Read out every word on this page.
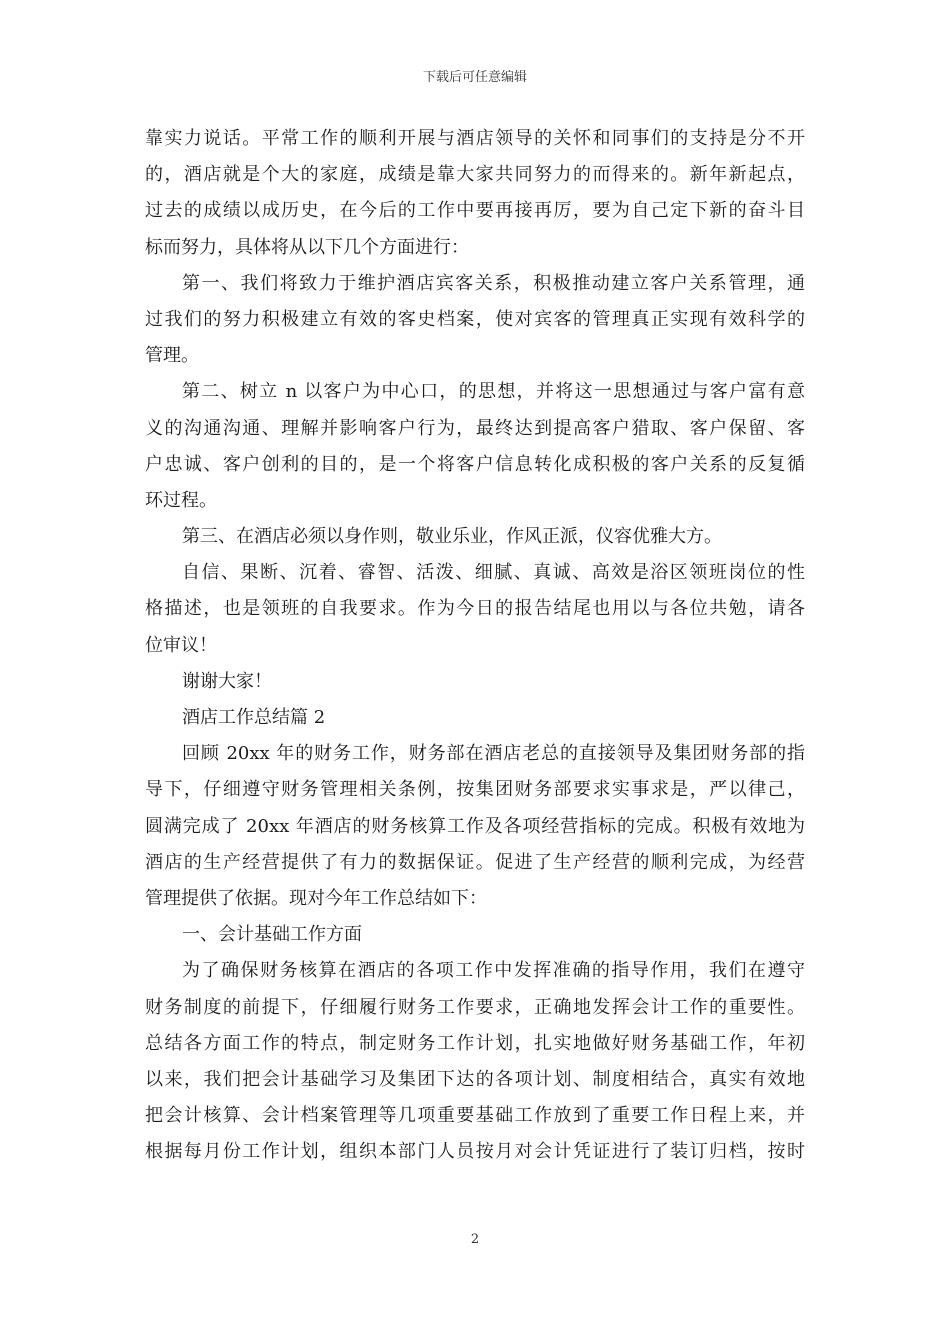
下载后可任意编辑
靠实力说话。平常工作的顺利开展与酒店领导的关怀和同事们的支持是分不开
的，酒店就是个大的家庭，成绩是靠大家共同努力的而得来的。新年新起点，
过去的成绩以成历史，在今后的工作中要再接再厉，要为自己定下新的奋斗目
标而努力，具体将从以下几个方面进行：
第一、我们将致力于维护酒店宾客关系，积极推动建立客户关系管理，通
过我们的努力积极建立有效的客史档案，使对宾客的管理真正实现有效科学的
管理。
第二、树立 n 以客户为中心口，的思想，并将这一思想通过与客户富有意
义的沟通沟通、理解并影响客户行为，最终达到提高客户猎取、客户保留、客
户忠诚、客户创利的目的，是一个将客户信息转化成积极的客户关系的反复循
环过程。
第三、在酒店必须以身作则，敬业乐业，作风正派，仪容优雅大方。
自信、果断、沉着、睿智、活泼、细腻、真诚、高效是浴区领班岗位的性
格描述，也是领班的自我要求。作为今日的报告结尾也用以与各位共勉，请各
位审议！
谢谢大家！
酒店工作总结篇 2
回顾 20xx 年的财务工作，财务部在酒店老总的直接领导及集团财务部的指
导下，仔细遵守财务管理相关条例，按集团财务部要求实事求是，严以律己，
圆满完成了 20xx 年酒店的财务核算工作及各项经营指标的完成。积极有效地为
酒店的生产经营提供了有力的数据保证。促进了生产经营的顺利完成，为经营
管理提供了依据。现对今年工作总结如下：
一、会计基础工作方面
为了确保财务核算在酒店的各项工作中发挥准确的指导作用，我们在遵守
财务制度的前提下，仔细履行财务工作要求，正确地发挥会计工作的重要性。
总结各方面工作的特点，制定财务工作计划，扎实地做好财务基础工作，年初
以来，我们把会计基础学习及集团下达的各项计划、制度相结合，真实有效地
把会计核算、会计档案管理等几项重要基础工作放到了重要工作日程上来，并
根据每月份工作计划，组织本部门人员按月对会计凭证进行了装订归档，按时
2
